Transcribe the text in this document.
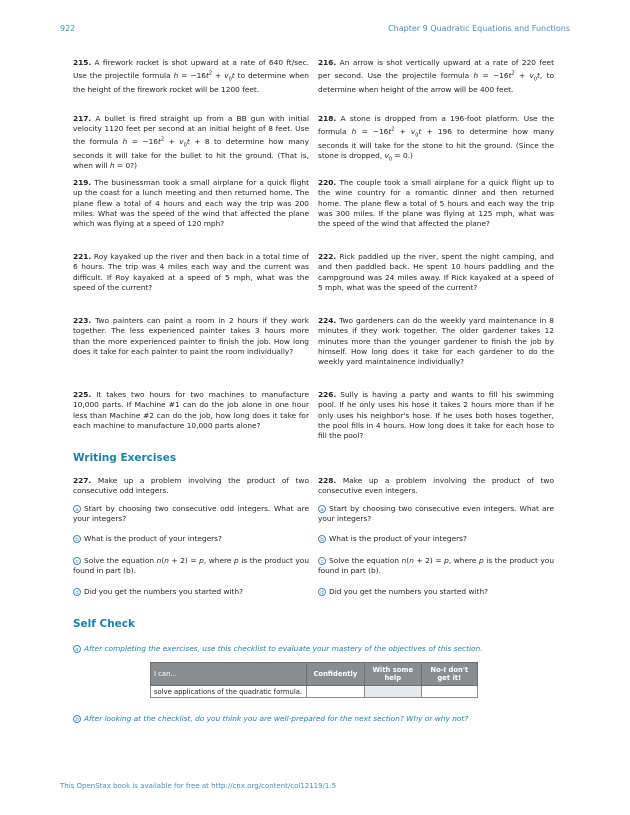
922	Chapter 9 Quadratic Equations and Functions
215. A firework rocket is shot upward at a rate of 640 ft/sec. Use the projectile formula $h = -16t^2 + v_0t$ to determine when the height of the firework rocket will be 1200 feet.
216. An arrow is shot vertically upward at a rate of 220 feet per second. Use the projectile formula $h = -16t^2 + v_0t$, to determine when height of the arrow will be 400 feet.
217. A bullet is fired straight up from a BB gun with initial velocity 1120 feet per second at an initial height of 8 feet. Use the formula $h = -16t^2 + v_0t + 8$ to determine how many seconds it will take for the bullet to hit the ground. (That is, when will h = 0?)
218. A stone is dropped from a 196-foot platform. Use the formula $h = -16t^2 + v_0t + 196$ to determine how many seconds it will take for the stone to hit the ground. (Since the stone is dropped, $v_0 = 0$.)
219. The businessman took a small airplane for a quick flight up the coast for a lunch meeting and then returned home. The plane flew a total of 4 hours and each way the trip was 200 miles. What was the speed of the wind that affected the plane which was flying at a speed of 120 mph?
220. The couple took a small airplane for a quick flight up to the wine country for a romantic dinner and then returned home. The plane flew a total of 5 hours and each way the trip was 300 miles. If the plane was flying at 125 mph, what was the speed of the wind that affected the plane?
221. Roy kayaked up the river and then back in a total time of 6 hours. The trip was 4 miles each way and the current was difficult. If Roy kayaked at a speed of 5 mph, what was the speed of the current?
222. Rick paddled up the river, spent the night camping, and and then paddled back. He spent 10 hours paddling and the campground was 24 miles away. If Rick kayaked at a speed of 5 mph, what was the speed of the current?
223. Two painters can paint a room in 2 hours if they work together. The less experienced painter takes 3 hours more than the more experienced painter to finish the job. How long does it take for each painter to paint the room individually?
224. Two gardeners can do the weekly yard maintenance in 8 minutes if they work together. The older gardener takes 12 minutes more than the younger gardener to finish the job by himself. How long does it take for each gardener to do the weekly yard maintainence individually?
225. It takes two hours for two machines to manufacture 10,000 parts. If Machine #1 can do the job alone in one hour less than Machine #2 can do the job, how long does it take for each machine to manufacture 10,000 parts alone?
226. Sully is having a party and wants to fill his swimming pool. If he only uses his hose it takes 2 hours more than if he only uses his neighbor's hose. If he uses both hoses together, the pool fills in 4 hours. How long does it take for each hose to fill the pool?
Writing Exercises
227. Make up a problem involving the product of two consecutive odd integers.
228. Make up a problem involving the product of two consecutive even integers.
a Start by choosing two consecutive odd integers. What are your integers?
a Start by choosing two consecutive even integers. What are your integers?
b What is the product of your integers?	b What is the product of your integers?
c Solve the equation n(n + 2) = p, where p is the product you found in part (b).
c Solve the equation n(n + 2) = p, where p is the product you found in part (b).
d Did you get the numbers you started with?	d Did you get the numbers you started with?
Self Check
a After completing the exercises, use this checklist to evaluate your mastery of the objectives of this section.
I can...	Confidently	With some help	No-I don't get it!
solve applications of the quadratic formula.			
b After looking at the checklist, do you think you are well-prepared for the next section? Why or why not?
This OpenStax book is available for free at http://cnx.org/content/col12119/1.5
